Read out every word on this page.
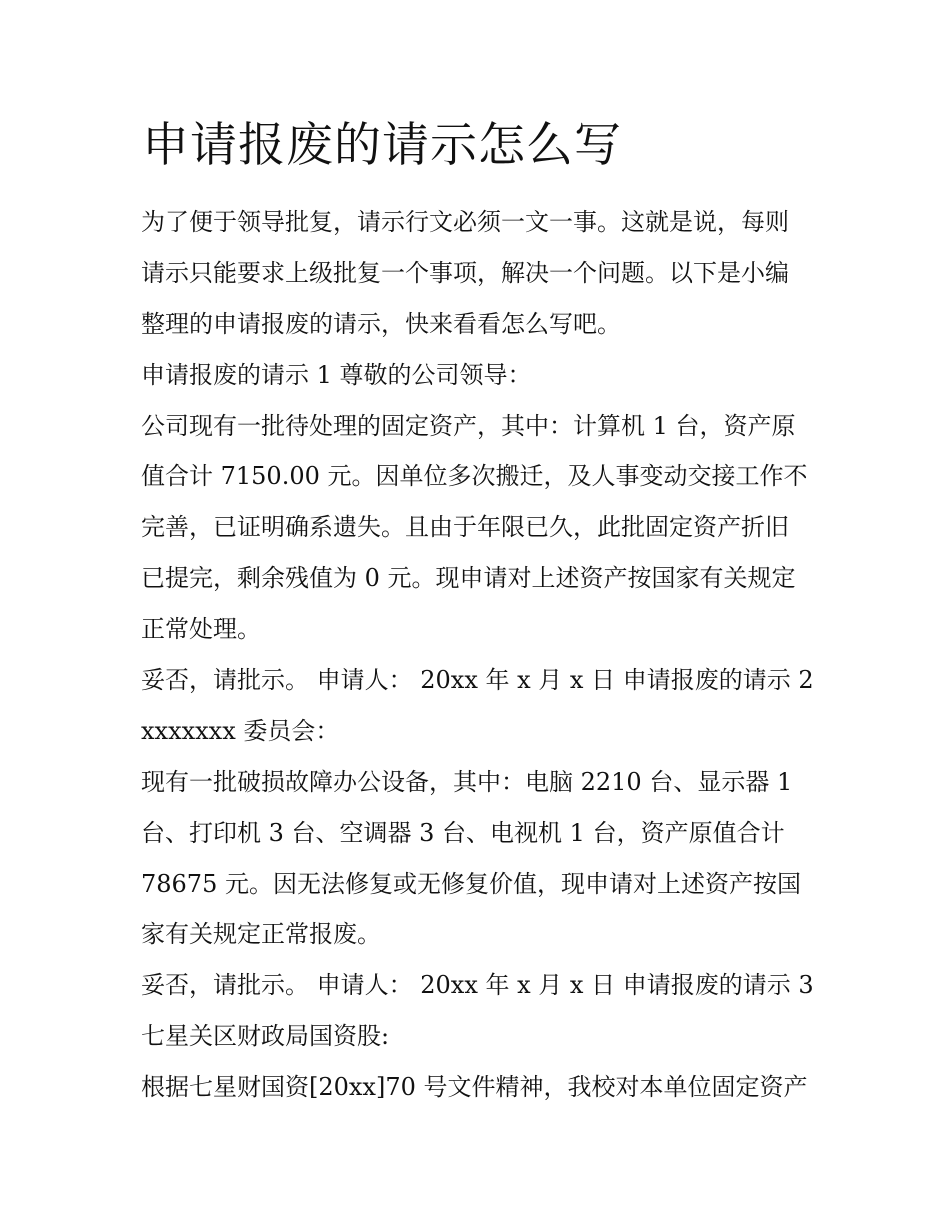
申请报废的请示怎么写
为了便于领导批复，请示行文必须一文一事。这就是说，每则
请示只能要求上级批复一个事项，解决一个问题。以下是小编
整理的申请报废的请示，快来看看怎么写吧。
申请报废的请示 1 尊敬的公司领导：
公司现有一批待处理的固定资产，其中：计算机 1 台，资产原
值合计 7150.00 元。因单位多次搬迁，及人事变动交接工作不
完善，已证明确系遗失。且由于年限已久，此批固定资产折旧
已提完，剩余残值为 0 元。现申请对上述资产按国家有关规定
正常处理。
妥否，请批示。 申请人： 20xx 年 x 月 x 日 申请报废的请示 2
xxxxxxx 委员会：
现有一批破损故障办公设备，其中：电脑 2210 台、显示器 1
台、打印机 3 台、空调器 3 台、电视机 1 台，资产原值合计
78675 元。因无法修复或无修复价值，现申请对上述资产按国
家有关规定正常报废。
妥否，请批示。 申请人： 20xx 年 x 月 x 日 申请报废的请示 3
七星关区财政局国资股:
根据七星财国资[20xx]70 号文件精神，我校对本单位固定资产
